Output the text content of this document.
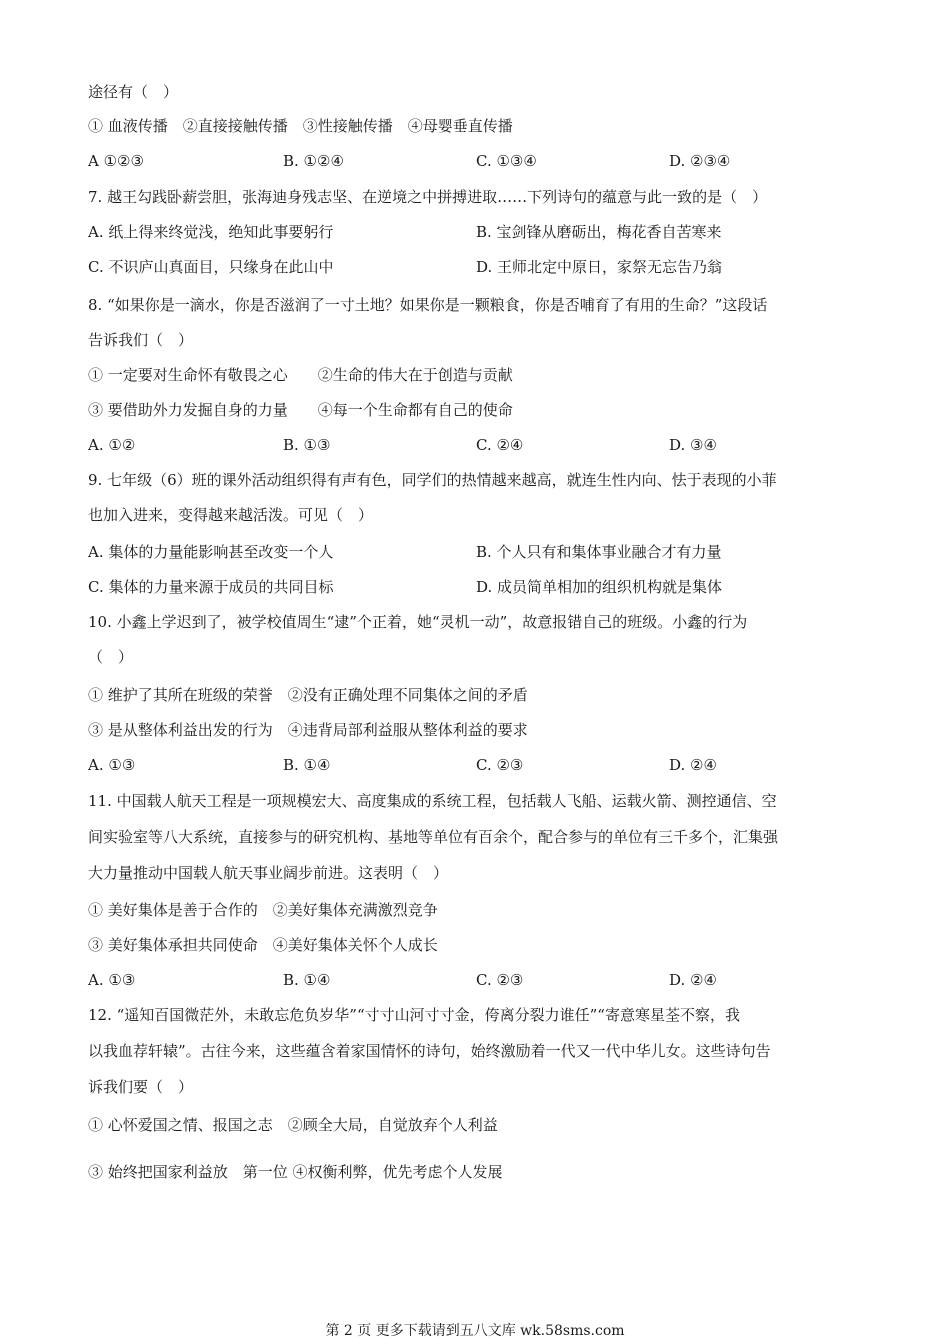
途径有（　）
① 血液传播　②直接接触传播　③性接触传播　④母婴垂直传播
A ①②③	B. ①②④	C. ①③④	D. ②③④
7. 越王勾践卧薪尝胆，张海迪身残志坚、在逆境之中拼搏进取……下列诗句的蕴意与此一致的是（　）
A. 纸上得来终觉浅，绝知此事要躬行	B. 宝剑锋从磨砺出，梅花香自苦寒来
C. 不识庐山真面目，只缘身在此山中	D. 王师北定中原日，家祭无忘告乃翁
8. “如果你是一滴水，你是否滋润了一寸土地？如果你是一颗粮食，你是否哺育了有用的生命？”这段话
告诉我们（　）
① 一定要对生命怀有敬畏之心　　②生命的伟大在于创造与贡献
③ 要借助外力发掘自身的力量　　④每一个生命都有自己的使命
A. ①②	B. ①③	C. ②④	D. ③④
9. 七年级（6）班的课外活动组织得有声有色，同学们的热情越来越高，就连生性内向、怯于表现的小菲
也加入进来，变得越来越活泼。可见（　）
A. 集体的力量能影响甚至改变一个人	B. 个人只有和集体事业融合才有力量
C. 集体的力量来源于成员的共同目标	D. 成员简单相加的组织机构就是集体
10. 小鑫上学迟到了，被学校值周生“逮”个正着，她“灵机一动”，故意报错自己的班级。小鑫的行为
（　）
① 维护了其所在班级的荣誉　②没有正确处理不同集体之间的矛盾
③ 是从整体利益出发的行为　④违背局部利益服从整体利益的要求
A. ①③	B. ①④	C. ②③	D. ②④
11. 中国载人航天工程是一项规模宏大、高度集成的系统工程，包括载人飞船、运载火箭、测控通信、空
间实验室等八大系统，直接参与的研究机构、基地等单位有百余个，配合参与的单位有三千多个，汇集强
大力量推动中国载人航天事业阔步前进。这表明（　）
① 美好集体是善于合作的　②美好集体充满激烈竞争
③ 美好集体承担共同使命　④美好集体关怀个人成长
A. ①③	B. ①④	C. ②③	D. ②④
12. “遥知百国微茫外，未敢忘危负岁华”“寸寸山河寸寸金，侉离分裂力谁任”“寄意寒星荃不察，我
以我血荐轩辕”。古往今来，这些蕴含着家国情怀的诗句，始终激励着一代又一代中华儿女。这些诗句告
诉我们要（　）
① 心怀爱国之情、报国之志　②顾全大局，自觉放弃个人利益
③ 始终把国家利益放　第一位 ④权衡利弊，优先考虑个人发展
第 2 页 更多下载请到五八文库 wk.58sms.com
